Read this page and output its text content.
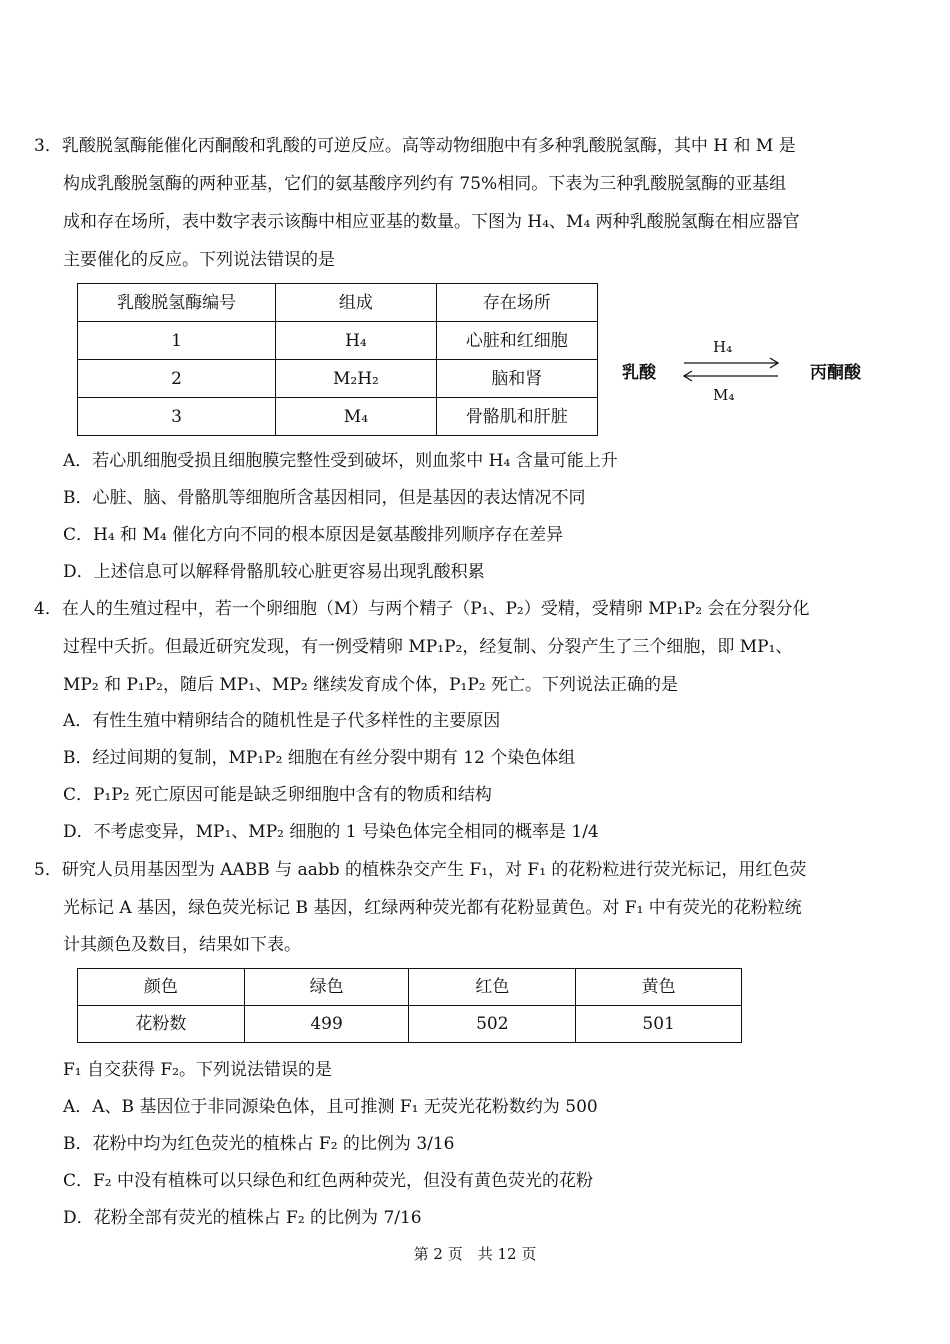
3．乳酸脱氢酶能催化丙酮酸和乳酸的可逆反应。高等动物细胞中有多种乳酸脱氢酶，其中 H 和 M 是
构成乳酸脱氢酶的两种亚基，它们的氨基酸序列约有 75%相同。下表为三种乳酸脱氢酶的亚基组
成和存在场所，表中数字表示该酶中相应亚基的数量。下图为 H₄、M₄ 两种乳酸脱氢酶在相应器官
主要催化的反应。下列说法错误的是
乳酸脱氢酶编号	组成	存在场所
1	H₄	心脏和红细胞
2	M₂H₂	脑和肾
3	M₄	骨骼肌和肝脏
乳酸	丙酮酸
H₄
M₄
A．若心肌细胞受损且细胞膜完整性受到破坏，则血浆中 H₄ 含量可能上升
B．心脏、脑、骨骼肌等细胞所含基因相同，但是基因的表达情况不同
C．H₄ 和 M₄ 催化方向不同的根本原因是氨基酸排列顺序存在差异
D．上述信息可以解释骨骼肌较心脏更容易出现乳酸积累
4．在人的生殖过程中，若一个卵细胞（M）与两个精子（P₁、P₂）受精，受精卵 MP₁P₂ 会在分裂分化
过程中夭折。但最近研究发现，有一例受精卵 MP₁P₂，经复制、分裂产生了三个细胞，即 MP₁、
MP₂ 和 P₁P₂，随后 MP₁、MP₂ 继续发育成个体，P₁P₂ 死亡。下列说法正确的是
A．有性生殖中精卵结合的随机性是子代多样性的主要原因
B．经过间期的复制，MP₁P₂ 细胞在有丝分裂中期有 12 个染色体组
C．P₁P₂ 死亡原因可能是缺乏卵细胞中含有的物质和结构
D．不考虑变异，MP₁、MP₂ 细胞的 1 号染色体完全相同的概率是 1/4
5．研究人员用基因型为 AABB 与 aabb 的植株杂交产生 F₁，对 F₁ 的花粉粒进行荧光标记，用红色荧
光标记 A 基因，绿色荧光标记 B 基因，红绿两种荧光都有花粉显黄色。对 F₁ 中有荧光的花粉粒统
计其颜色及数目，结果如下表。
颜色	绿色	红色	黄色
花粉数	499	502	501
F₁ 自交获得 F₂。下列说法错误的是
A．A、B 基因位于非同源染色体，且可推测 F₁ 无荧光花粉数约为 500
B．花粉中均为红色荧光的植株占 F₂ 的比例为 3/16
C．F₂ 中没有植株可以只绿色和红色两种荧光，但没有黄色荧光的花粉
D．花粉全部有荧光的植株占 F₂ 的比例为 7/16
第 2 页　共 12 页
